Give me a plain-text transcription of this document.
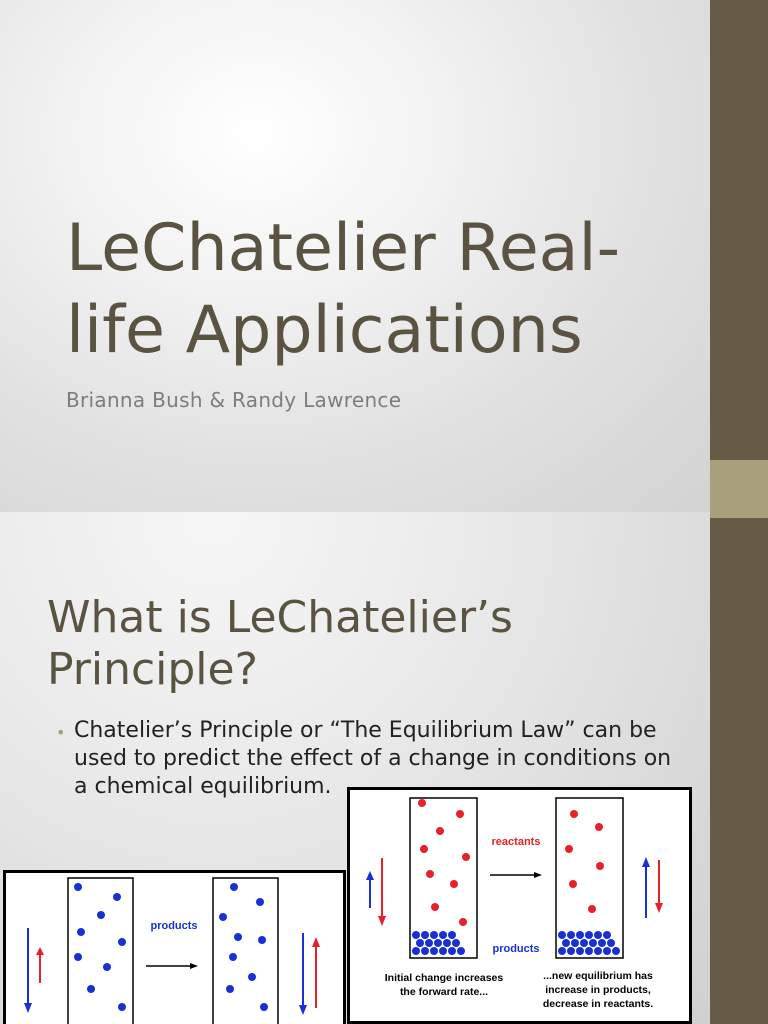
LeChatelier Real-life Applications
Brianna Bush & Randy Lawrence
What is LeChatelier’s Principle?
• Chatelier’s Principle or “The Equilibrium Law” can be used to predict the effect of a change in conditions on a chemical equilibrium.
products
reactants
products
Initial change increases
the forward rate...
...new equilibrium has
increase in products,
decrease in reactants.
